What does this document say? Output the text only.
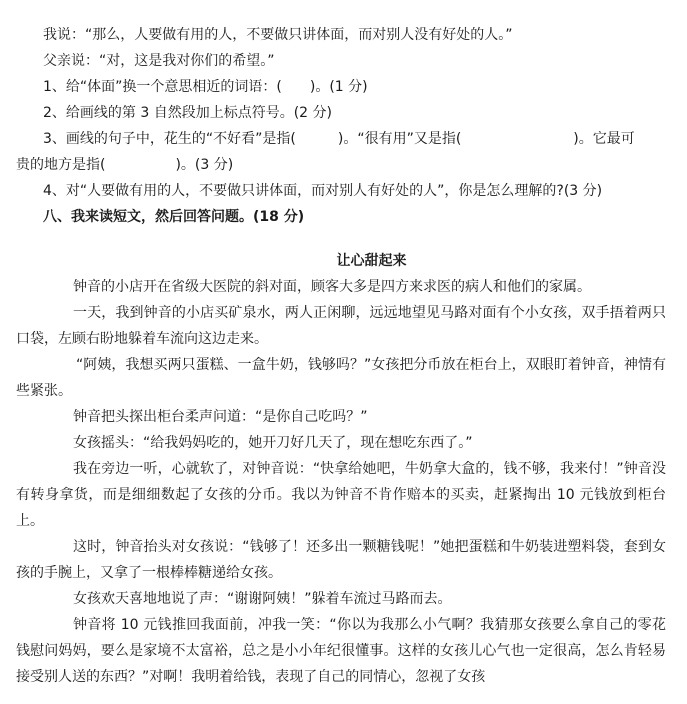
我说：“那么，人要做有用的人，不要做只讲体面，而对别人没有好处的人。”
父亲说：“对，这是我对你们的希望。”
1、给“体面”换一个意思相近的词语：(　　)。(1 分)
2、给画线的第 3 自然段加上标点符号。(2 分)
3、画线的句子中，花生的“不好看”是指(　　　)。“很有用”又是指(　　　　　　　　)。它最可
贵的地方是指(　　　　　)。(3 分)
4、对“人要做有用的人，不要做只讲体面，而对别人有好处的人”，你是怎么理解的?(3 分)
八、我来读短文，然后回答问题。(18 分)
让心甜起来
钟音的小店开在省级大医院的斜对面，顾客大多是四方来求医的病人和他们的家属。
一天，我到钟音的小店买矿泉水，两人正闲聊，远远地望见马路对面有个小女孩，双手捂着两只口袋，左顾右盼地躲着车流向这边走来。
“阿姨，我想买两只蛋糕、一盒牛奶，钱够吗？”女孩把分币放在柜台上，双眼盯着钟音，神情有些紧张。
钟音把头探出柜台柔声问道：“是你自己吃吗？”
女孩摇头：“给我妈妈吃的，她开刀好几天了，现在想吃东西了。”
我在旁边一听，心就软了，对钟音说：“快拿给她吧，牛奶拿大盒的，钱不够，我来付！”钟音没有转身拿货，而是细细数起了女孩的分币。我以为钟音不肯作赔本的买卖，赶紧掏出 10 元钱放到柜台上。
这时，钟音抬头对女孩说：“钱够了！还多出一颗糖钱呢！”她把蛋糕和牛奶装进塑料袋，套到女孩的手腕上，又拿了一根棒棒糖递给女孩。
女孩欢天喜地地说了声：“谢谢阿姨！”躲着车流过马路而去。
钟音将 10 元钱推回我面前，冲我一笑：“你以为我那么小气啊？我猜那女孩要么拿自己的零花钱慰问妈妈，要么是家境不太富裕，总之是小小年纪很懂事。这样的女孩儿心气也一定很高，怎么肯轻易接受别人送的东西？”对啊！我明着给钱，表现了自己的同情心，忽视了女孩
